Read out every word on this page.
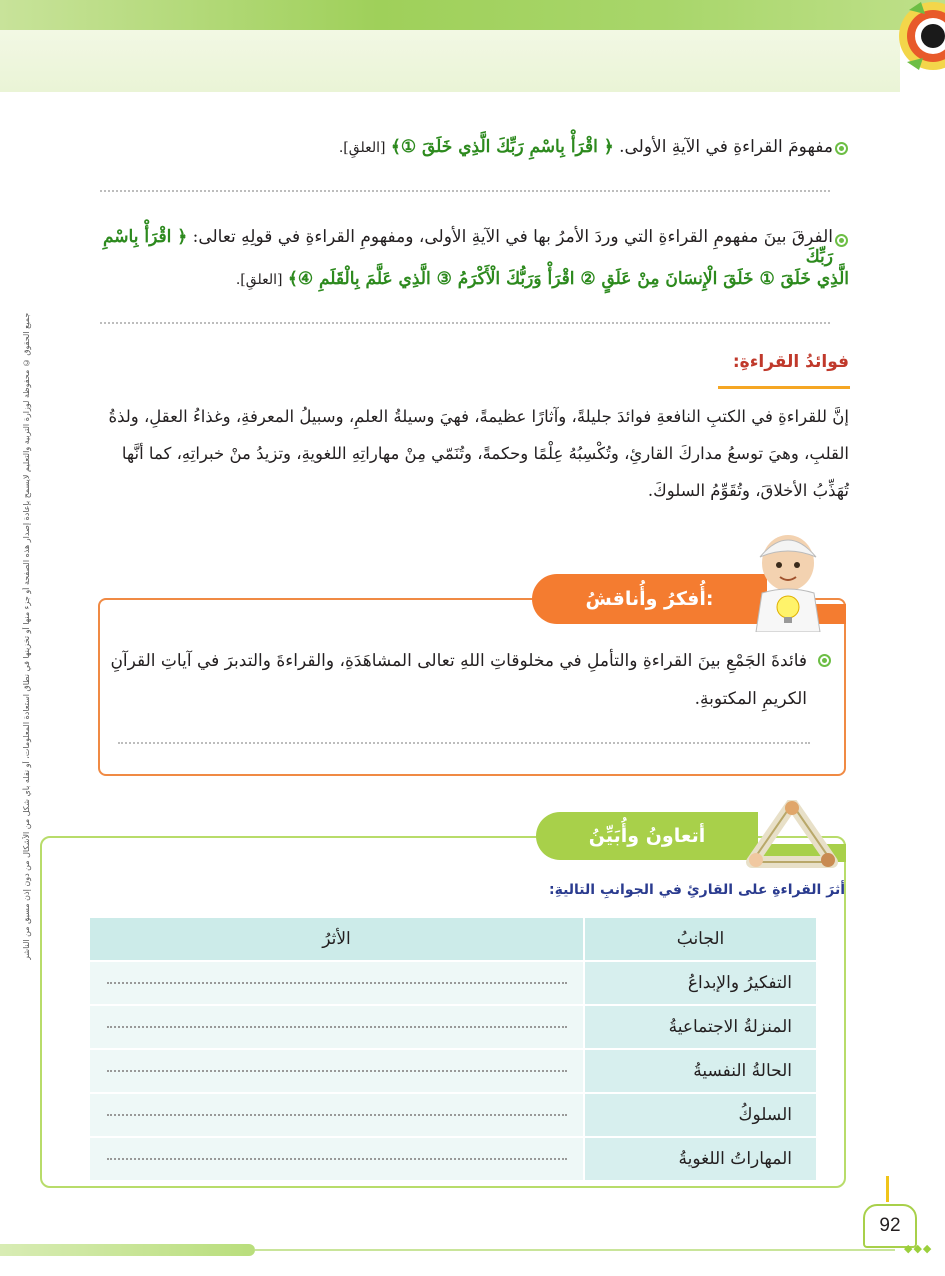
جميع الحقوق © محفوظة لوزارة التربية والتعليم لايسمح بإعادة إصدار هذه الصفحة أو جزء منها أو تخزينها في نطاق استعادة المعلومات، أو نقله بأي شكل من الأشكال من دون إذن مسبق من الناشر
مفهومَ القراءةِ في الآيةِ الأولى. ﴿ اقْرَأْ بِاسْمِ رَبِّكَ الَّذِي خَلَقَ ①﴾ [العلقِ].
الفرقَ بينَ مفهومِ القراءةِ التي وردَ الأمرُ بها في الآيةِ الأولى، ومفهومِ القراءةِ في قولِهِ تعالى: ﴿ اقْرَأْ بِاسْمِ رَبِّكَ
الَّذِي خَلَقَ ① خَلَقَ الْإِنسَانَ مِنْ عَلَقٍ ② اقْرَأْ وَرَبُّكَ الْأَكْرَمُ ③ الَّذِي عَلَّمَ بِالْقَلَمِ ④﴾ [العلقِ].
فوائدُ القراءةِ:
إنَّ للقراءةِ في الكتبِ النافعةِ فوائدَ جليلةً، وآثارًا عظيمةً، فهيَ وسيلةُ العلمِ، وسبيلُ المعرفةِ، وغذاءُ العقلِ، ولذةُ القلبِ، وهيَ توسعُ مداركَ القارئِ، وتُكْسِبُهُ عِلْمًا وحكمةً، وتُنَمّي مِنْ مهاراتِهِ اللغويةِ، وتزيدُ منْ خبراتِهِ، كما أنَّها تُهَذِّبُ الأخلاقَ، وتُقَوِّمُ السلوكَ.
أُفكرُ وأُناقشُ:
فائدةَ الجَمْعِ بينَ القراءةِ والتأملِ في مخلوقاتِ اللهِ تعالى المشاهَدَةِ، والقراءةَ والتدبرَ في آياتِ القرآنِ الكريمِ المكتوبةِ.
أتعاونُ وأُبَيِّنُ
أثرَ القراءةِ على القارئِ في الجوانبِ التاليةِ:
الجانبُ	الأثرُ
التفكيرُ والإبداعُ	

المنزلةُ الاجتماعيةُ	

الحالةُ النفسيةُ	

السلوكُ	

المهاراتُ اللغويةُ	
92
◆◆◆
